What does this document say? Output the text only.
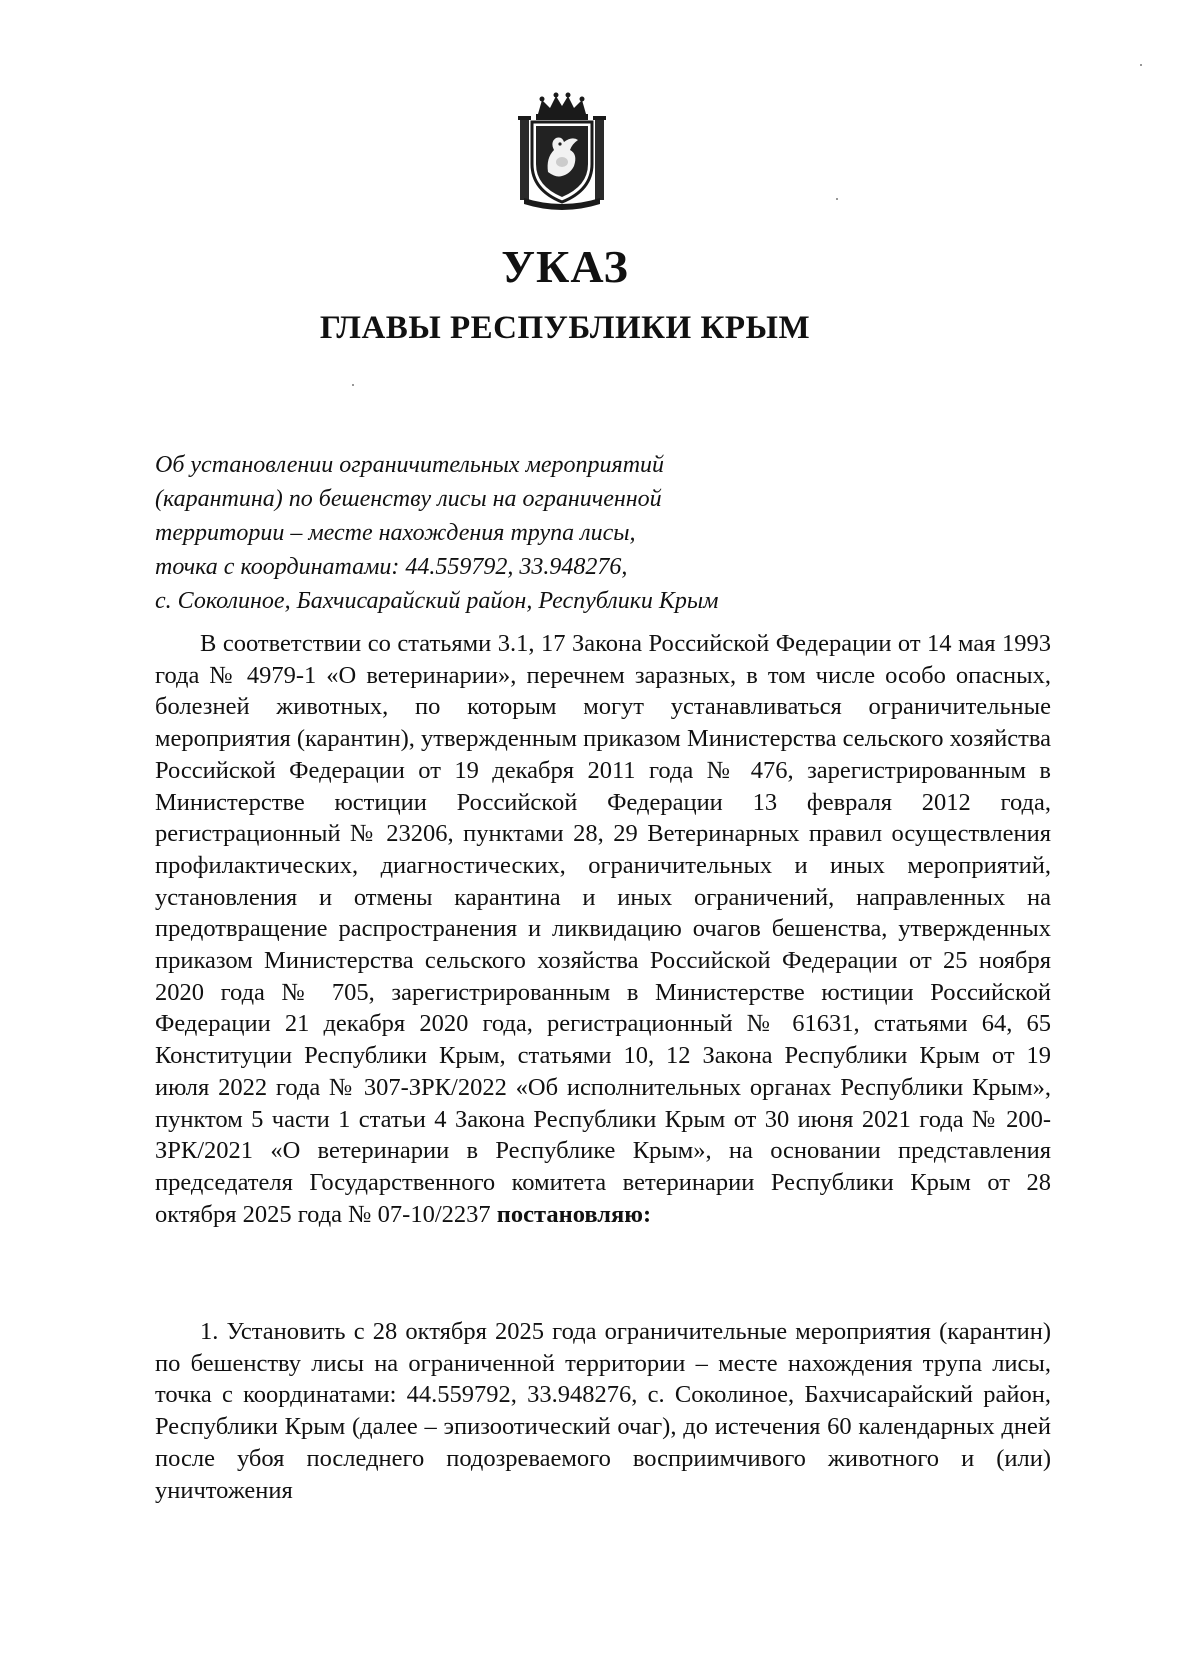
УКАЗ
ГЛАВЫ РЕСПУБЛИКИ КРЫМ
Об установлении ограничительных мероприятий
(карантина) по бешенству лисы на ограниченной
территории – месте нахождения трупа лисы,
точка с координатами: 44.559792, 33.948276,
с. Соколиное, Бахчисарайский район, Республики Крым

В соответствии со статьями 3.1, 17 Закона Российской Федерации от 14 мая 1993 года № 4979-1 «О ветеринарии», перечнем заразных, в том числе особо опасных, болезней животных, по которым могут устанавливаться ограничительные мероприятия (карантин), утвержденным приказом Министерства сельского хозяйства Российской Федерации от 19 декабря 2011 года № 476, зарегистрированным в Министерстве юстиции Российской Федерации 13 февраля 2012 года, регистрационный № 23206, пунктами 28, 29 Ветеринарных правил осуществления профилактических, диагностических, ограничительных и иных мероприятий, установления и отмены карантина и иных ограничений, направленных на предотвращение распространения и ликвидацию очагов бешенства, утвержденных приказом Министерства сельского хозяйства Российской Федерации от 25 ноября 2020 года № 705, зарегистрированным в Министерстве юстиции Российской Федерации 21 декабря 2020 года, регистрационный № 61631, статьями 64, 65 Конституции Республики Крым, статьями 10, 12 Закона Республики Крым от 19 июля 2022 года № 307-ЗРК/2022 «Об исполнительных органах Республики Крым», пунктом 5 части 1 статьи 4 Закона Республики Крым от 30 июня 2021 года № 200-ЗРК/2021 «О ветеринарии в Республике Крым», на основании представления председателя Государственного комитета ветеринарии Республики Крым от 28 октября 2025 года № 07-10/2237 постановляю:

1. Установить с 28 октября 2025 года ограничительные мероприятия (карантин) по бешенству лисы на ограниченной территории – месте нахождения трупа лисы, точка с координатами: 44.559792, 33.948276, с. Соколиное, Бахчисарайский район, Республики Крым (далее – эпизоотический очаг), до истечения 60 календарных дней после убоя последнего подозреваемого восприимчивого животного и (или) уничтожения
